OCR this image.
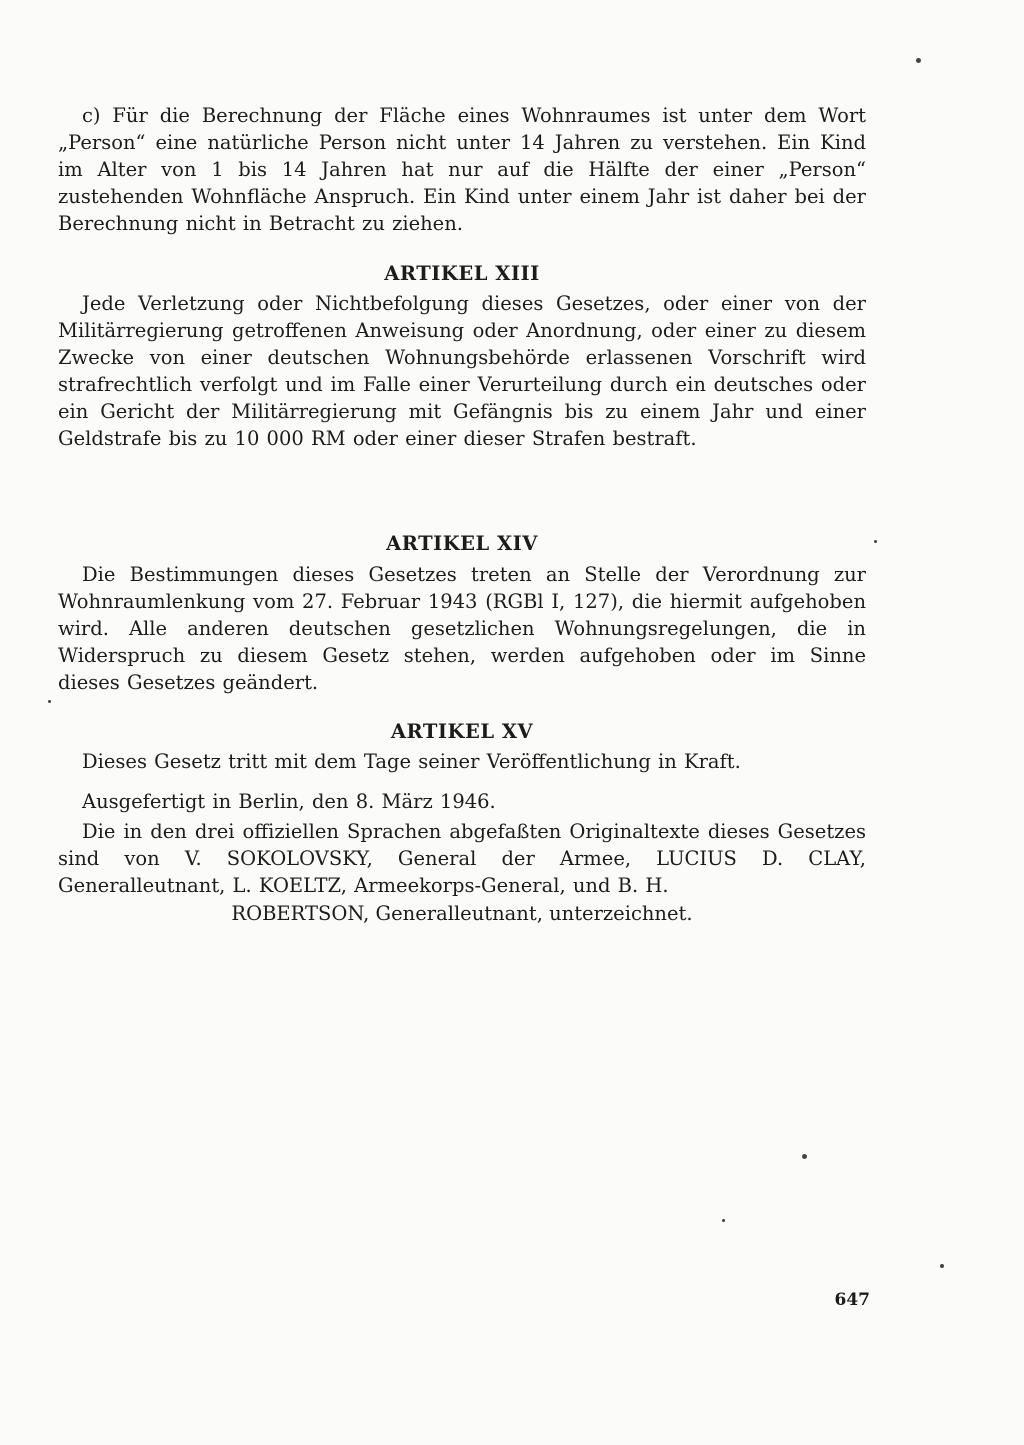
c) Für die Berechnung der Fläche eines Wohnraumes ist unter dem Wort „Person“ eine natürliche Person nicht unter 14 Jahren zu verstehen. Ein Kind im Alter von 1 bis 14 Jahren hat nur auf die Hälfte der einer „Person“ zustehenden Wohnfläche Anspruch. Ein Kind unter einem Jahr ist daher bei der Berechnung nicht in Betracht zu ziehen.

ARTIKEL XIII

Jede Verletzung oder Nichtbefolgung dieses Gesetzes, oder einer von der Militärregierung getroffenen Anweisung oder Anordnung, oder einer zu diesem Zwecke von einer deutschen Wohnungsbehörde erlassenen Vorschrift wird strafrechtlich verfolgt und im Falle einer Verurteilung durch ein deutsches oder ein Gericht der Militärregierung mit Gefängnis bis zu einem Jahr und einer Geldstrafe bis zu 10 000 RM oder einer dieser Strafen bestraft.

ARTIKEL XIV

Die Bestimmungen dieses Gesetzes treten an Stelle der Verordnung zur Wohnraumlenkung vom 27. Februar 1943 (RGBl I, 127), die hiermit aufgehoben wird. Alle anderen deutschen gesetzlichen Wohnungsregelungen, die in Widerspruch zu diesem Gesetz stehen, werden aufgehoben oder im Sinne dieses Gesetzes geändert.

ARTIKEL XV

Dieses Gesetz tritt mit dem Tage seiner Veröffentlichung in Kraft.

Ausgefertigt in Berlin, den 8. März 1946.

Die in den drei offiziellen Sprachen abgefaßten Originaltexte dieses Gesetzes sind von V. SOKOLOVSKY, General der Armee, LUCIUS D. CLAY, Generalleutnant, L. KOELTZ, Armeekorps-General, und B. H.

ROBERTSON, Generalleutnant, unterzeichnet.

647
